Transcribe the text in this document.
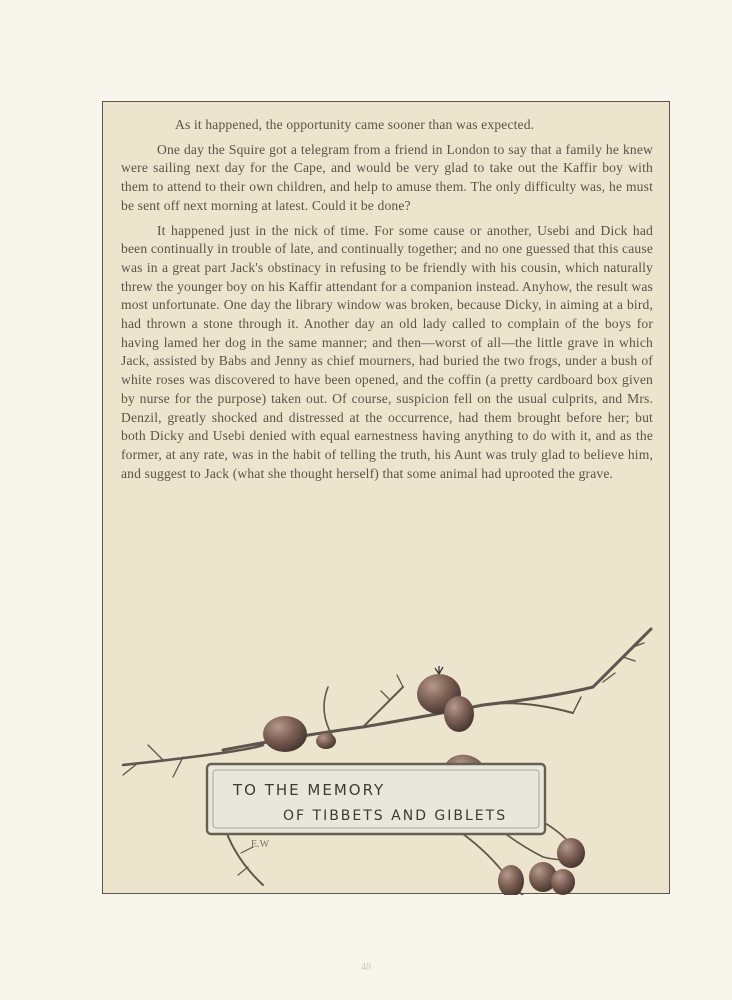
As it happened, the opportunity came sooner than was expected.

One day the Squire got a telegram from a friend in London to say that a family he knew were sailing next day for the Cape, and would be very glad to take out the Kaffir boy with them to attend to their own children, and help to amuse them. The only difficulty was, he must be sent off next morning at latest. Could it be done?

It happened just in the nick of time. For some cause or another, Usebi and Dick had been continually in trouble of late, and continually together; and no one guessed that this cause was in a great part Jack's obstinacy in refusing to be friendly with his cousin, which naturally threw the younger boy on his Kaffir attendant for a companion instead. Anyhow, the result was most unfortunate. One day the library window was broken, because Dicky, in aiming at a bird, had thrown a stone through it. Another day an old lady called to complain of the boys for having lamed her dog in the same manner; and then—worst of all—the little grave in which Jack, assisted by Babs and Jenny as chief mourners, had buried the two frogs, under a bush of white roses was discovered to have been opened, and the coffin (a pretty cardboard box given by nurse for the purpose) taken out. Of course, suspicion fell on the usual culprits, and Mrs. Denzil, greatly shocked and distressed at the occurrence, had them brought before her; but both Dicky and Usebi denied with equal earnestness having anything to do with it, and as the former, at any rate, was in the habit of telling the truth, his Aunt was truly glad to believe him, and suggest to Jack (what she thought herself) that some animal had uprooted the grave.

TO THE MEMORY
OF TIBBETS AND GIBLETS
E.W
48
